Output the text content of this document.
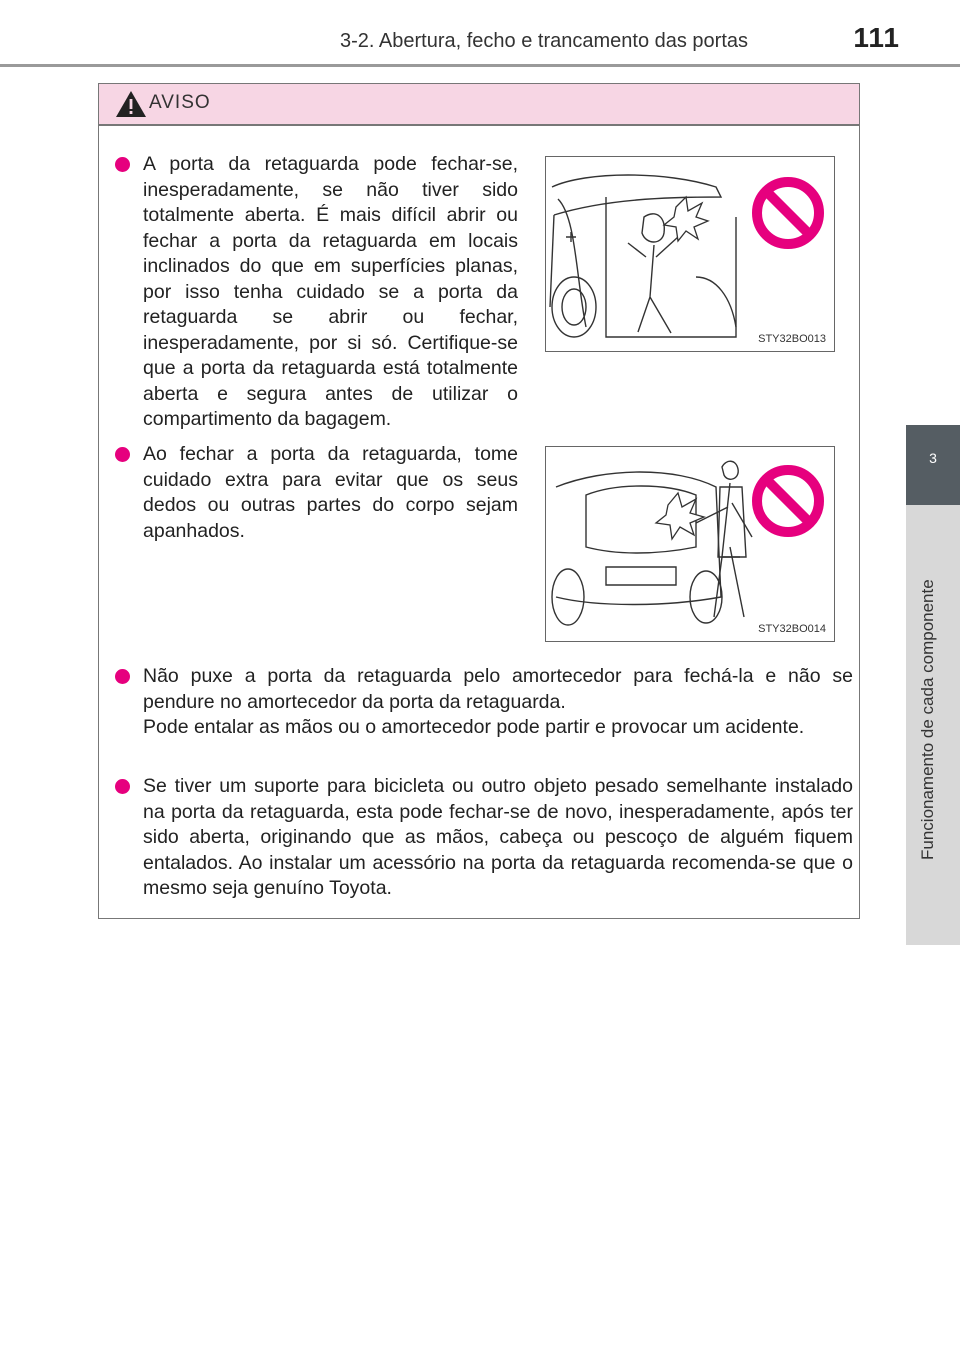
3-2. Abertura, fecho e trancamento das portas	111
3
Funcionamento de cada componente
AVISO

A porta da retaguarda pode fechar-se, inesperadamente, se não tiver sido totalmente aberta. É mais difícil abrir ou fechar a porta da retaguarda em locais inclinados do que em superfícies planas, por isso tenha cuidado se a porta da retaguarda se abrir ou fechar, inesperadamente, por si só. Certifique-se que a porta da retaguarda está totalmente aberta e segura antes de utilizar o compartimento da bagagem.

Ao fechar a porta da retaguarda, tome cuidado extra para evitar que os seus dedos ou outras partes do corpo sejam apanhados.

Não puxe a porta da retaguarda pelo amortecedor para fechá-la e não se pendure no amortecedor da porta da retaguarda.

Pode entalar as mãos ou o amortecedor pode partir e provocar um acidente.

Se tiver um suporte para bicicleta ou outro objeto pesado semelhante instalado na porta da retaguarda, esta pode fechar-se de novo, inesperadamente, após ter sido aberta, originando que as mãos, cabeça ou pescoço de alguém fiquem entalados. Ao instalar um acessório na porta da retaguarda recomenda-se que o mesmo seja genuíno Toyota.

STY32BO013
STY32BO014
